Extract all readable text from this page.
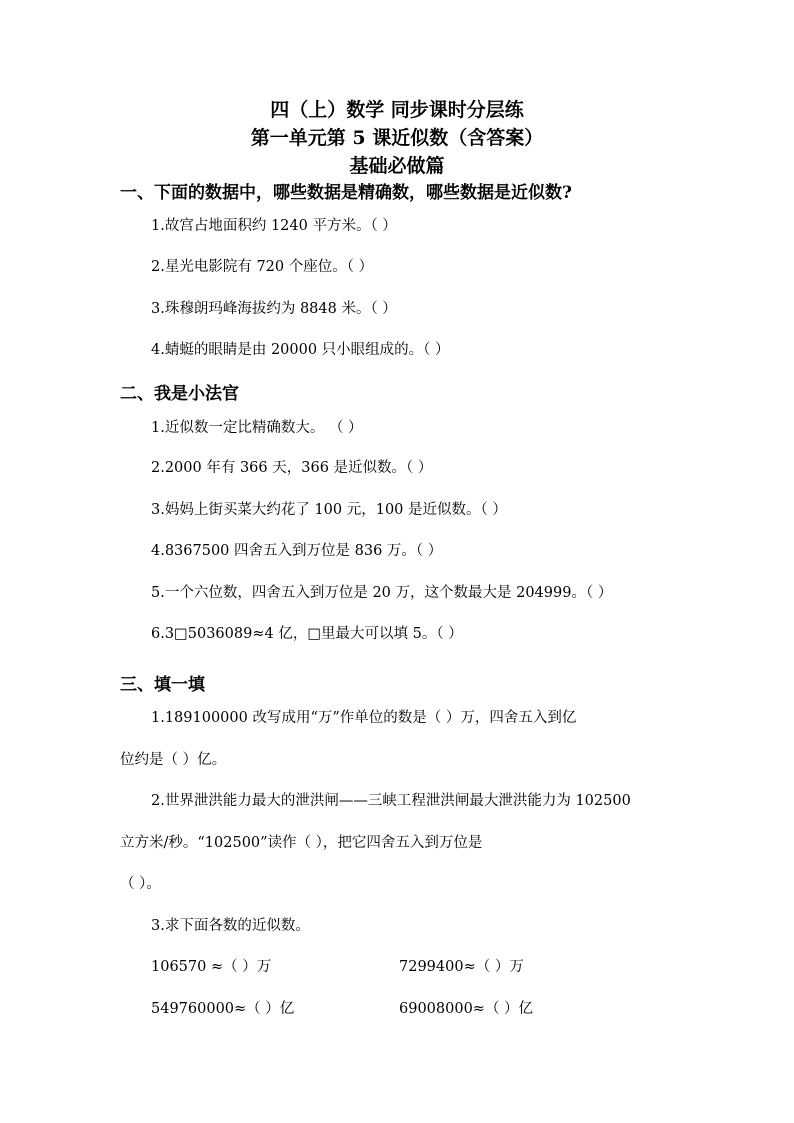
四（上）数学 同步课时分层练
第一单元第 5 课近似数（含答案）
基础必做篇
一、下面的数据中，哪些数据是精确数，哪些数据是近似数?
1.故宫占地面积约 1240 平方米。（ ）
2.星光电影院有 720 个座位。（ ）
3.珠穆朗玛峰海拔约为 8848 米。（ ）
4.蜻蜓的眼睛是由 20000 只小眼组成的。（ ）
二、我是小法官
1.近似数一定比精确数大。 （ ）
2.2000 年有 366 天，366 是近似数。（ ）
3.妈妈上街买菜大约花了 100 元，100 是近似数。（ ）
4.8367500 四舍五入到万位是 836 万。（ ）
5.一个六位数，四舍五入到万位是 20 万，这个数最大是 204999。（ ）
6.3□5036089≈4 亿，□里最大可以填 5。（ ）
三、填一填
1.189100000 改写成用“万”作单位的数是（ ）万，四舍五入到亿
位约是（ ）亿。
2.世界泄洪能力最大的泄洪闸——三峡工程泄洪闸最大泄洪能力为 102500
立方米/秒。“102500”读作（ ），把它四舍五入到万位是
（ ）。
3.求下面各数的近似数。
106570 ≈（ ）万	7299400≈（ ）万
549760000≈（ ）亿	69008000≈（ ）亿
